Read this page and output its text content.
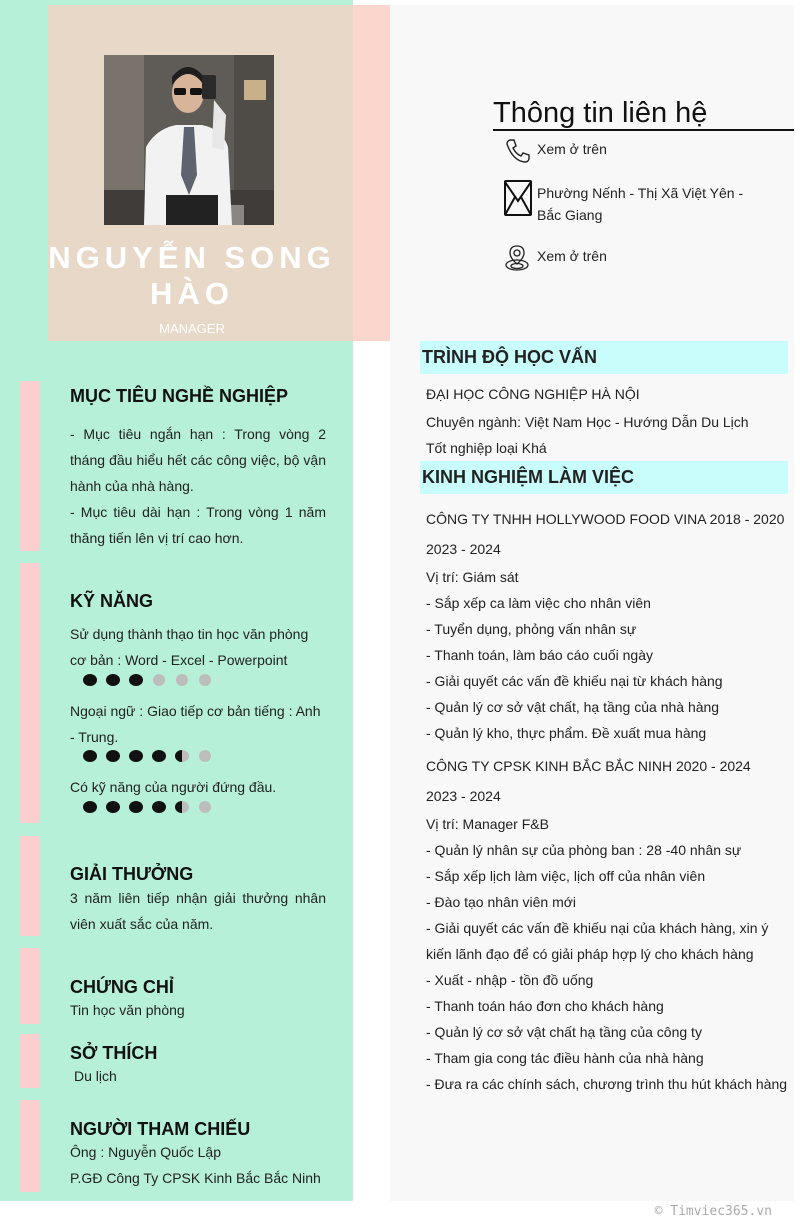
NGUYỄN SONG HÀO
MANAGER
Thông tin liên hệ
Xem ở trên
Phường Nếnh - Thị Xã Việt Yên - Bắc Giang
Xem ở trên
TRÌNH ĐỘ HỌC VẤN
ĐẠI HỌC CÔNG NGHIỆP HÀ NỘI
Chuyên ngành: Việt Nam Học - Hướng Dẫn Du Lịch
Tốt nghiệp loại Khá
KINH NGHIỆM LÀM VIỆC
CÔNG TY TNHH HOLLYWOOD FOOD VINA 2018 - 2020
2023 - 2024
Vị trí: Giám sát
- Sắp xếp ca làm việc cho nhân viên
- Tuyển dụng, phỏng vấn nhân sự
- Thanh toán, làm báo cáo cuối ngày
- Giải quyết các vấn đề khiếu nại từ khách hàng
- Quản lý cơ sở vật chất, hạ tầng của nhà hàng
- Quản lý kho, thực phẩm. Đề xuất mua hàng
CÔNG TY CPSK KINH BẮC BẮC NINH 2020 - 2024
2023 - 2024
Vị trí: Manager F&B
- Quản lý nhân sự của phòng ban : 28 -40 nhân sự
- Sắp xếp lịch làm việc, lịch off của nhân viên
- Đào tạo nhân viên mới
- Giải quyết các vấn đề khiếu nại của khách hàng, xin ý
kiến lãnh đạo để có giải pháp hợp lý cho khách hàng
- Xuất - nhập - tồn đồ uống
- Thanh toán háo đơn cho khách hàng
- Quản lý cơ sở vật chất hạ tầng của công ty
- Tham gia cong tác điều hành của nhà hàng
- Đưa ra các chính sách, chương trình thu hút khách hàng
MỤC TIÊU NGHỀ NGHIỆP
- Mục tiêu ngắn hạn : Trong vòng 2 tháng đầu hiểu hết các công việc, bộ vận hành của nhà hàng.
- Mục tiêu dài hạn : Trong vòng 1 năm thăng tiến lên vị trí cao hơn.
KỸ NĂNG
Sử dụng thành thạo tin học văn phòng cơ bản : Word - Excel - Powerpoint
Ngoại ngữ : Giao tiếp cơ bản tiếng : Anh - Trung.
Có kỹ năng của người đứng đầu.
GIẢI THƯỞNG
3 năm liên tiếp nhận giải thưởng nhân viên xuất sắc của năm.
CHỨNG CHỈ
Tin học văn phòng
SỞ THÍCH
Du lịch
NGƯỜI THAM CHIẾU
Ông : Nguyễn Quốc Lập
P.GĐ Công Ty CPSK Kinh Bắc Bắc Ninh
© Timviec365.vn
